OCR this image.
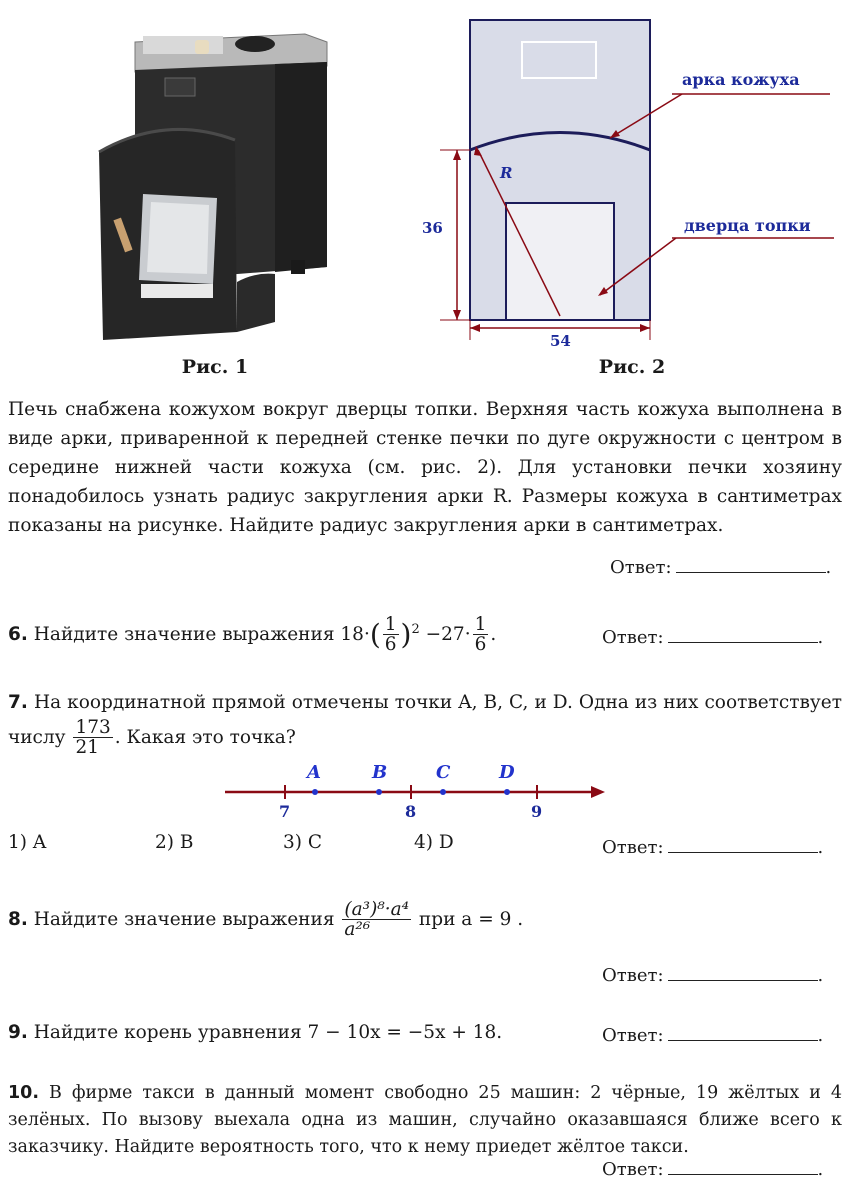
Рис. 1
арка кожуха
дверца топки
R
36
54
Рис. 2
Печь снабжена кожухом вокруг дверцы топки. Верхняя часть кожуха выполнена в виде арки, приваренной к передней стенке печки по дуге окружности с центром в середине нижней части кожуха (см. рис. 2). Для установки печки хозяину понадобилось узнать радиус закругления арки R. Размеры кожуха в сантиметрах показаны на рисунке. Найдите радиус закругления арки в сантиметрах.
Ответ:	.
6. Найдите значение выражения $18\cdot( \frac{1}{6} )^2 -27\cdot \frac{1}{6}$ .	Ответ:	.
7. На координатной прямой отмечены точки A, B, C, и D. Одна из них соответствует числу $\frac{173}{21}$ . Какая это точка?
A	B	C	D
7	8	9
1) A	2) B	3) C	4) D	Ответ:	.
8. Найдите значение выражения $\frac{\text{(a³)⁸·a⁴}}{\text{a²⁶}}$ при a = 9 .
Ответ:	.
9. Найдите корень уравнения 7 − 10x = −5x + 18.	Ответ:	.
10. В фирме такси в данный момент свободно 25 машин: 2 чёрные, 19 жёлтых и 4 зелёных. По вызову выехала одна из машин, случайно оказавшаяся ближе всего к заказчику. Найдите вероятность того, что к нему приедет жёлтое такси.
Ответ:	.
